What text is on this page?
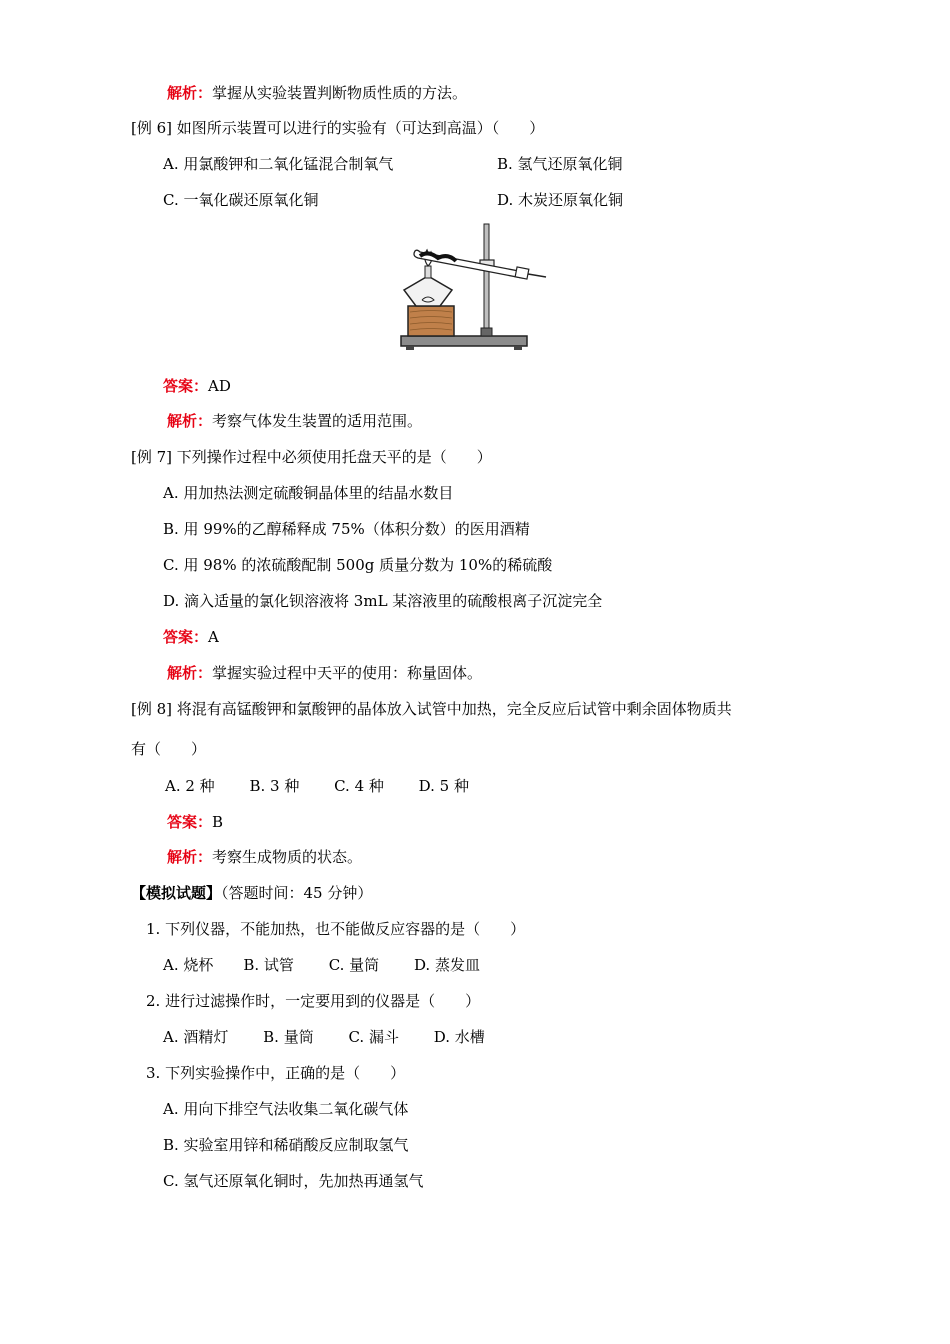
解析：掌握从实验装置判断物质性质的方法。
[例 6] 如图所示装置可以进行的实验有（可达到高温）（　　）
A. 用氯酸钾和二氧化锰混合制氧气	B. 氢气还原氧化铜
C. 一氧化碳还原氧化铜	D. 木炭还原氧化铜
答案：AD
解析：考察气体发生装置的适用范围。
[例 7] 下列操作过程中必须使用托盘天平的是（　　）
A. 用加热法测定硫酸铜晶体里的结晶水数目
B. 用 99%的乙醇稀释成 75%（体积分数）的医用酒精
C. 用 98% 的浓硫酸配制 500g 质量分数为 10%的稀硫酸
D. 滴入适量的氯化钡溶液将 3mL 某溶液里的硫酸根离子沉淀完全
答案：A
解析：掌握实验过程中天平的使用：称量固体。
[例 8] 将混有高锰酸钾和氯酸钾的晶体放入试管中加热，完全反应后试管中剩余固体物质共
有（　　）
A. 2 种　　 B. 3 种　　 C. 4 种　　 D. 5 种
答案：B
解析：考察生成物质的状态。
【模拟试题】（答题时间：45 分钟）
1. 下列仪器，不能加热，也不能做反应容器的是（　　）
A. 烧杯　　B. 试管　　 C. 量筒　　 D. 蒸发皿
2. 进行过滤操作时，一定要用到的仪器是（　　）
A. 酒精灯　　 B. 量筒　　 C. 漏斗　　 D. 水槽
3. 下列实验操作中，正确的是（　　）
A. 用向下排空气法收集二氧化碳气体
B. 实验室用锌和稀硝酸反应制取氢气
C. 氢气还原氧化铜时，先加热再通氢气
